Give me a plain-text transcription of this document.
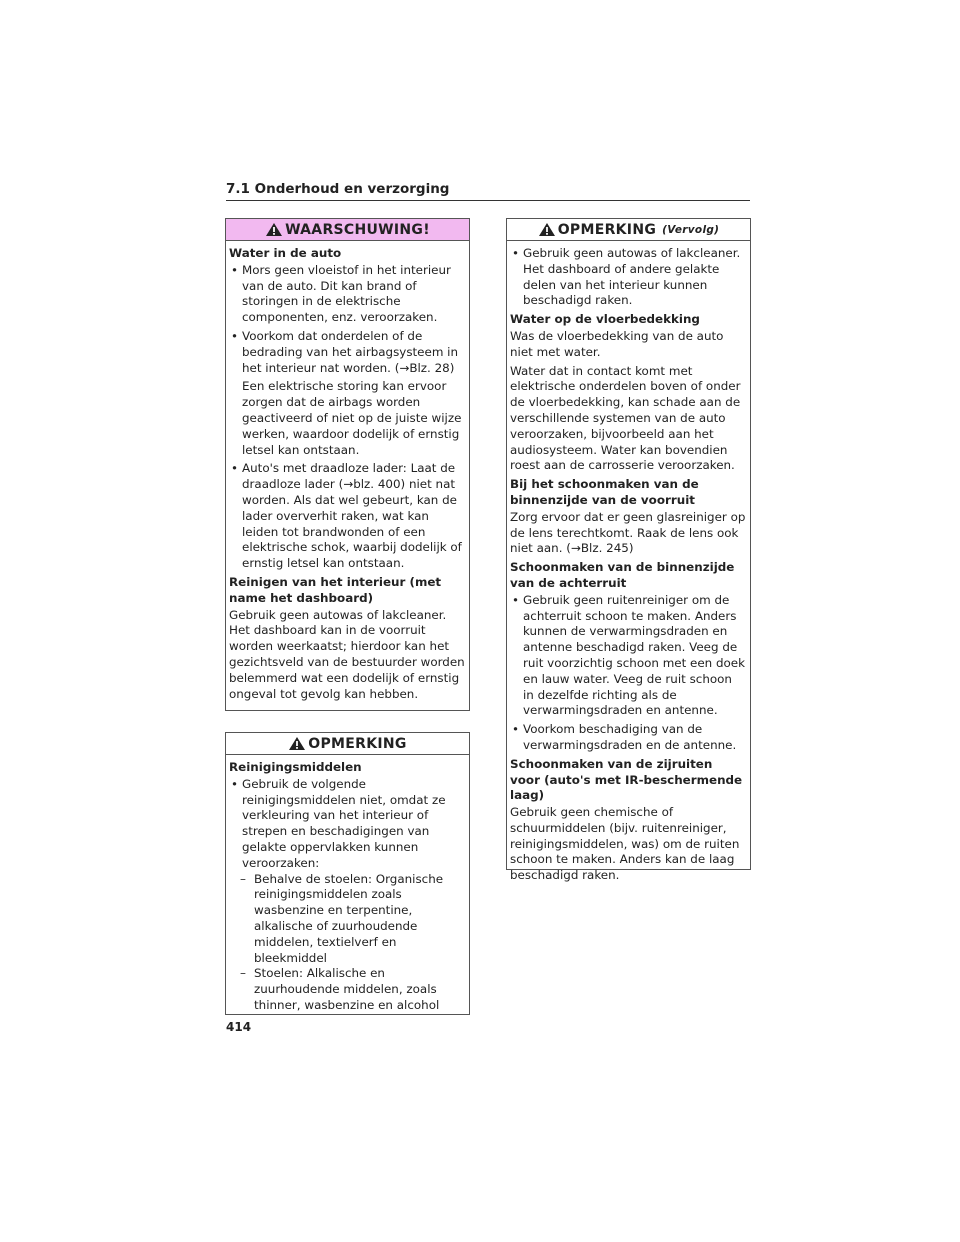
7.1 Onderhoud en verzorging
WAARSCHUWING!

Water in de auto

• Mors geen vloeistof in het interieur van de auto. Dit kan brand of storingen in de elektrische componenten, enz. veroorzaken.
• Voorkom dat onderdelen of de bedrading van het airbagsysteem in het interieur nat worden. (→Blz. 28)

Een elektrische storing kan ervoor zorgen dat de airbags worden geactiveerd of niet op de juiste wijze werken, waardoor dodelijk of ernstig letsel kan ontstaan.

• Auto's met draadloze lader: Laat de draadloze lader (→blz. 400) niet nat worden. Als dat wel gebeurt, kan de lader oververhit raken, wat kan leiden tot brandwonden of een elektrische schok, waarbij dodelijk of ernstig letsel kan ontstaan.

Reinigen van het interieur (met name het dashboard)

Gebruik geen autowas of lakcleaner. Het dashboard kan in de voorruit worden weerkaatst; hierdoor kan het gezichtsveld van de bestuurder worden belemmerd wat een dodelijk of ernstig ongeval tot gevolg kan hebben.

OPMERKING

Reinigingsmiddelen

• Gebruik de volgende reinigingsmiddelen niet, omdat ze verkleuring van het interieur of strepen en beschadigingen van gelakte oppervlakken kunnen veroorzaken:
– Behalve de stoelen: Organische reinigingsmiddelen zoals wasbenzine en terpentine, alkalische of zuurhoudende middelen, textielverf en bleekmiddel
– Stoelen: Alkalische en zuurhoudende middelen, zoals thinner, wasbenzine en alcohol
OPMERKING (Vervolg)
• Gebruik geen autowas of lakcleaner. Het dashboard of andere gelakte delen van het interieur kunnen beschadigd raken.

Water op de vloerbedekking

Was de vloerbedekking van de auto niet met water.

Water dat in contact komt met elektrische onderdelen boven of onder de vloerbedekking, kan schade aan de verschillende systemen van de auto veroorzaken, bijvoorbeeld aan het audiosysteem. Water kan bovendien roest aan de carrosserie veroorzaken.

Bij het schoonmaken van de binnenzijde van de voorruit

Zorg ervoor dat er geen glasreiniger op de lens terechtkomt. Raak de lens ook niet aan. (→Blz. 245)

Schoonmaken van de binnenzijde van de achterruit

• Gebruik geen ruitenreiniger om de achterruit schoon te maken. Anders kunnen de verwarmingsdraden en antenne beschadigd raken. Veeg de ruit voorzichtig schoon met een doek en lauw water. Veeg de ruit schoon in dezelfde richting als de verwarmingsdraden en antenne.
• Voorkom beschadiging van de verwarmingsdraden en de antenne.

Schoonmaken van de zijruiten voor (auto's met IR-beschermende laag)

Gebruik geen chemische of schuurmiddelen (bijv. ruitenreiniger, reinigingsmiddelen, was) om de ruiten schoon te maken. Anders kan de laag beschadigd raken.

414
